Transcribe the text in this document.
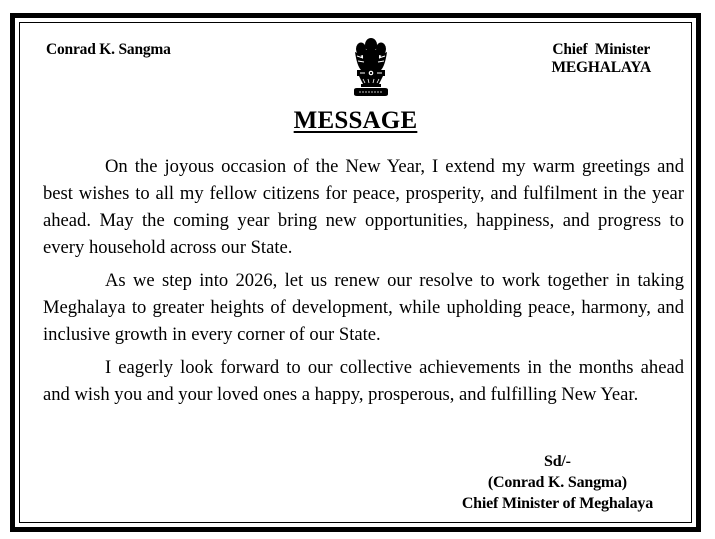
Conrad K. Sangma	Chief  Minister
MEGHALAYA
MESSAGE

On the joyous occasion of the New Year, I extend my warm greetings and best wishes to all my fellow citizens for peace, prosperity, and fulfilment in the year ahead. May the coming year bring new opportunities, happiness, and progress to every household across our State.

As we step into 2026, let us renew our resolve to work together in taking Meghalaya to greater heights of development, while upholding peace, harmony, and inclusive growth in every corner of our State.

I eagerly look forward to our collective achievements in the months ahead and wish you and your loved ones a happy, prosperous, and fulfilling New Year.

Sd/-
(Conrad K. Sangma)
Chief Minister of Meghalaya
